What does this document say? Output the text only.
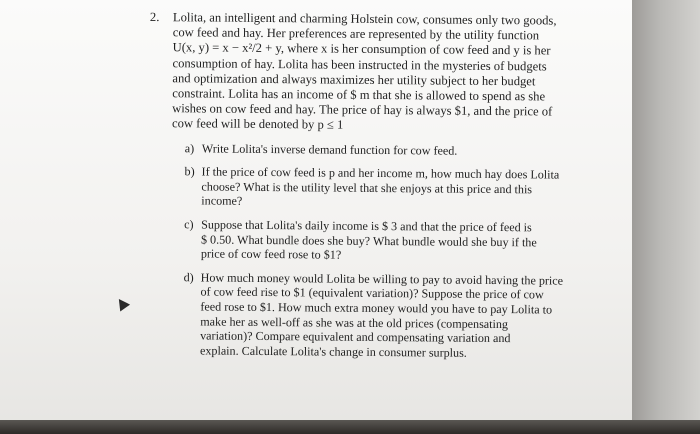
2. Lolita, an intelligent and charming Holstein cow, consumes only two goods,
cow feed and hay. Her preferences are represented by the utility function
U(x, y) = x − x²/2 + y, where x is her consumption of cow feed and y is her
consumption of hay. Lolita has been instructed in the mysteries of budgets
and optimization and always maximizes her utility subject to her budget
constraint. Lolita has an income of $ m that she is allowed to spend as she
wishes on cow feed and hay. The price of hay is always $1, and the price of
cow feed will be denoted by p ≤ 1
a) Write Lolita's inverse demand function for cow feed.
b) If the price of cow feed is p and her income m, how much hay does Lolita
choose? What is the utility level that she enjoys at this price and this
income?
c) Suppose that Lolita's daily income is $ 3 and that the price of feed is
$ 0.50. What bundle does she buy? What bundle would she buy if the
price of cow feed rose to $1?
d) How much money would Lolita be willing to pay to avoid having the price
of cow feed rise to $1 (equivalent variation)? Suppose the price of cow
feed rose to $1. How much extra money would you have to pay Lolita to
make her as well-off as she was at the old prices (compensating
variation)? Compare equivalent and compensating variation and
explain. Calculate Lolita's change in consumer surplus.
